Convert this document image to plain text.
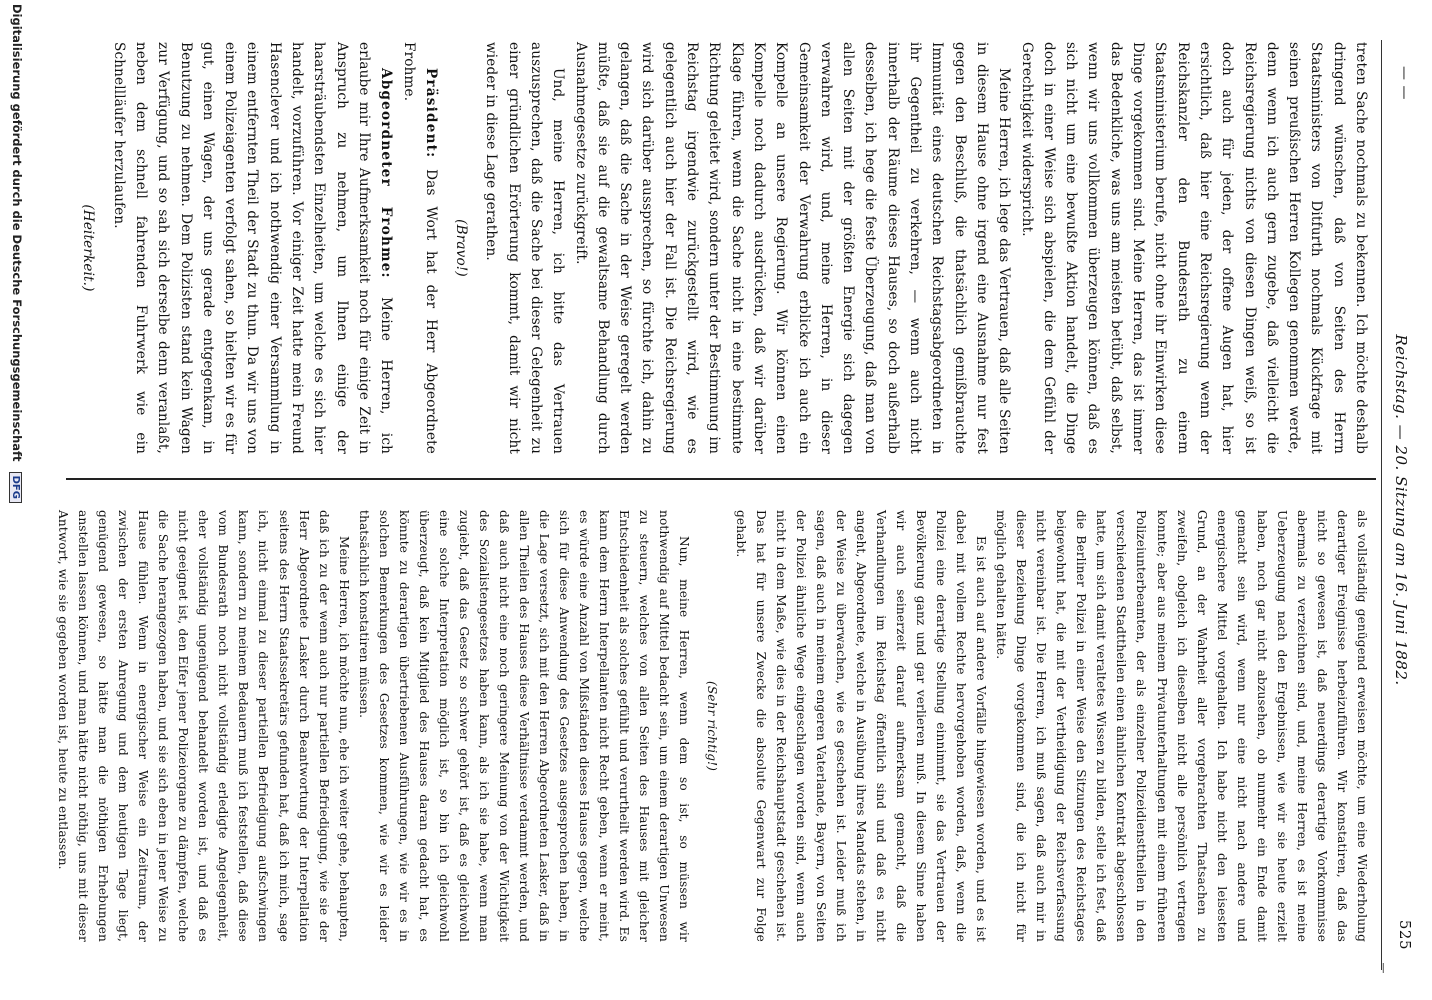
— —
Reichstag. — 20. Sitzung am 16. Juni 1882.
525
—

treten Sache nochmals zu bekennen. Ich möchte deshalb dringend wünschen, daß von Seiten des Herrn Staatsministers von Ditfurth nochmals Kückfrage mit seinen preußischen Herren Kollegen genommen werde, denn wenn ich auch gern zugebe, daß vielleicht die Reichsregierung nichts von diesen Dingen weiß, so ist doch auch für jeden, der offene Augen hat, hier ersichtlich, daß hier eine Reichsregierung wenn der Reichskanzler den Bundesrath zu einem Staatsministerium berufe, nicht ohne ihr Einwirken diese Dinge vorgekommen sind. Meine Herren, das ist immer das Bedenkliche, was uns am meisten betübt, daß selbst, wenn wir uns vollkommen überzeugen können, daß es sich nicht um eine bewußte Aktion handelt, die Dinge doch in einer Weise sich abspielen, die dem Gefühl der Gerechtigkeit widerspricht.

Meine Herren, ich lege das Vertrauen, daß alle Seiten in diesem Hause ohne irgend eine Ausnahme nur fest gegen den Beschluß, die thatsächlich gemißbrauchte Immunität eines deutschen Reichstagsabgeordneten in ihr Gegentheil zu verkehren, — wenn auch nicht innerhalb der Räume dieses Hauses, so doch außerhalb desselben, ich hege die feste Überzeugung, daß man von allen Seiten mit der größten Energie sich dagegen verwahren wird, und, meine Herren, in dieser Gemeinsamkeit der Verwahrung erblicke ich auch ein Kompelle an unsere Regierung. Wir können einen Kompelle noch dadurch ausdrücken, daß wir darüber Klage führen, wenn die Sache nicht in eine bestimmte Richtung geleitet wird, sondern unter der Bestimmung im Reichstag irgendwie zurückgestellt wird, wie es gelegentlich auch hier der Fall ist. Die Reichsregierung wird sich darüber aussprechen, so fürchte ich, dahin zu gelangen, daß die Sache in der Weise geregelt werden müßte, daß sie auf die gewaltsame Behandlung durch Ausnahmegesetze zurückgreift.

Und, meine Herren, ich bitte das Vertrauen auszusprechen, daß die Sache bei dieser Gelegenheit zu einer gründlichen Erörterung kommt, damit wir nicht wieder in diese Lage gerathen.

(Bravo!)

Präsident: Das Wort hat der Herr Abgeordnete Frohme.

Abgeordneter Frohme: Meine Herren, ich erlaube mir Ihre Aufmerksamkeit noch für einige Zeit in Anspruch zu nehmen, um Ihnen einige der haarsträubendsten Einzelheiten, um welche es sich hier handelt, vorzuführen. Vor einiger Zeit hatte mein Freund Hasenclever und ich nothwendig einer Versammlung in einem entfernten Theil der Stadt zu thun. Da wir uns von einem Polizeiagenten verfolgt sahen, so hielten wir es für gut, einen Wagen, der uns gerade entgegenkam, in Benutzung zu nehmen. Dem Polizisten stand kein Wagen zur Verfügung, und so sah sich derselbe denn veranlaßt, neben dem schnell fahrenden Fuhrwerk wie ein Schnellläufer herzulaufen.

(Heiterkeit.)

als vollständig genügend erweisen möchte, um eine Wiederholung derartiger Ereignisse herbeizuführen. Wir konstatiren, daß das nicht so gewesen ist, daß neuerdings derartige Vorkommnisse abermals zu verzeichnen sind, und, meine Herren, es ist meine Ueberzeugung nach den Ergebnissen, wie wir sie heute erzielt haben, noch gar nicht abzusehen, ob nunmehr ein Ende damit gemacht sein wird, wenn nur eine nicht nach andere und energischere Mittel vorgehalten. Ich habe nicht den leisesten Grund, an der Wahrheit aller vorgebrachten Thatsachen zu zweifeln, obgleich ich dieselben nicht alle persönlich vertragen konnte; aber aus meinem Privatunterhaltungen mit einem früheren Polizeiunterbeamten, der als einzelner Polizeidiensttheilen in den verschiedenen Stadttheilen einen ähnlichen Kontrakt abgeschlossen hatte, um sich damit veraltetes Wissen zu bilden, stelle ich fest, daß die Berliner Polizei in einer Weise den Sitzungen des Reichstages beigewohnt hat, die mit der Vertheidigung der Reichsverfassung nicht vereinbar ist. Die Herren, ich muß sagen, daß auch mir in dieser Beziehung Dinge vorgekommen sind, die ich nicht für möglich gehalten hätte.

Es ist auch auf andere Vorfälle hingewiesen worden, und es ist dabei mit vollem Rechte hervorgehoben worden, daß, wenn die Polizei eine derartige Stellung einnimmt, sie das Vertrauen der Bevölkerung ganz und gar verlieren muß. In diesem Sinne haben wir auch seinerzeit darauf aufmerksam gemacht, daß die Verhandlungen im Reichstag öffentlich sind und daß es nicht angeht, Abgeordnete, welche in Ausübung ihres Mandats stehen, in der Weise zu überwachen, wie es geschehen ist. Leider muß ich sagen, daß auch in meinem engeren Vaterlande, Bayern, von Seiten der Polizei ähnliche Wege eingeschlagen worden sind, wenn auch nicht in dem Maße, wie dies in der Reichshauptstadt geschehen ist. Das hat für unsere Zwecke die absolute Gegenwart zur Folge gehabt.

(Sehr richtig!)

Nun, meine Herren, wenn dem so ist, so müssen wir nothwendig auf Mittel bedacht sein, um einem derartigen Unwesen zu steuern, welches von allen Seiten des Hauses mit gleicher Entschiedenheit als solches gefühlt und verurtheilt werden wird. Es kann dem Herrn Interpellanten nicht Recht geben, wenn er meint, es würde eine Anzahl von Mißständen dieses Hauses gegen, welche sich für diese Anwendung des Gesetzes ausgesprochen haben, in die Lage versetzt, sich mit den Herren Abgeordneten Lasker, daß in allen Theilen des Hauses diese Verhältnisse verdammt werden, und daß auch nicht eine noch geringere Meinung von der Wichtigkeit des Sozialistengesetzes haben kann, als ich sie habe, wenn man zugiebt, daß das Gesetz so schwer gehört ist, daß es gleichwohl eine solche Interpretation möglich ist, so bin ich gleichwohl überzeugt, daß kein Mitglied des Hauses daran gedacht hat, es könnte zu derartigen übertriebenen Ausführungen, wie wir es in solchen Bemerkungen des Gesetzes kommen, wie wir es leider thatsächlich konstatiren müssen.

Meine Herren, ich möchte nun, ehe ich weiter gehe, behaupten, daß ich zu der wenn auch nur partiellen Befriedigung, wie sie der Herr Abgeordnete Lasker durch Beantwortung der Interpellation seitens des Herrn Staatssekretärs gefunden hat, daß ich mich, sage ich, nicht einmal zu dieser partiellen Befriedigung aufschwingen kann, sondern zu meinem Bedauern muß ich feststellen, daß diese vom Bundesrath noch nicht vollständig erledigte Angelegenheit, eher vollständig ungenügend behandelt worden ist, und daß es nicht geeignet ist, den Eifer jener Polizeiorgane zu dämpfen, welche die Sache herangezogen haben, und sie sich eben in jener Weise zu Hause fühlen. Wenn in energischer Weise ein Zeitraum, der zwischen der ersten Anregung und dem heutigen Tage liegt, genügend gewesen, so hätte man die nöthigen Erhebungen anstellen lassen können, und man hätte nicht nöthig, uns mit dieser Antwort, wie sie gegeben worden ist, heute zu entlassen.

Digitalisierung gefördert durch die Deutsche Forschungsgemeinschaft DFG
